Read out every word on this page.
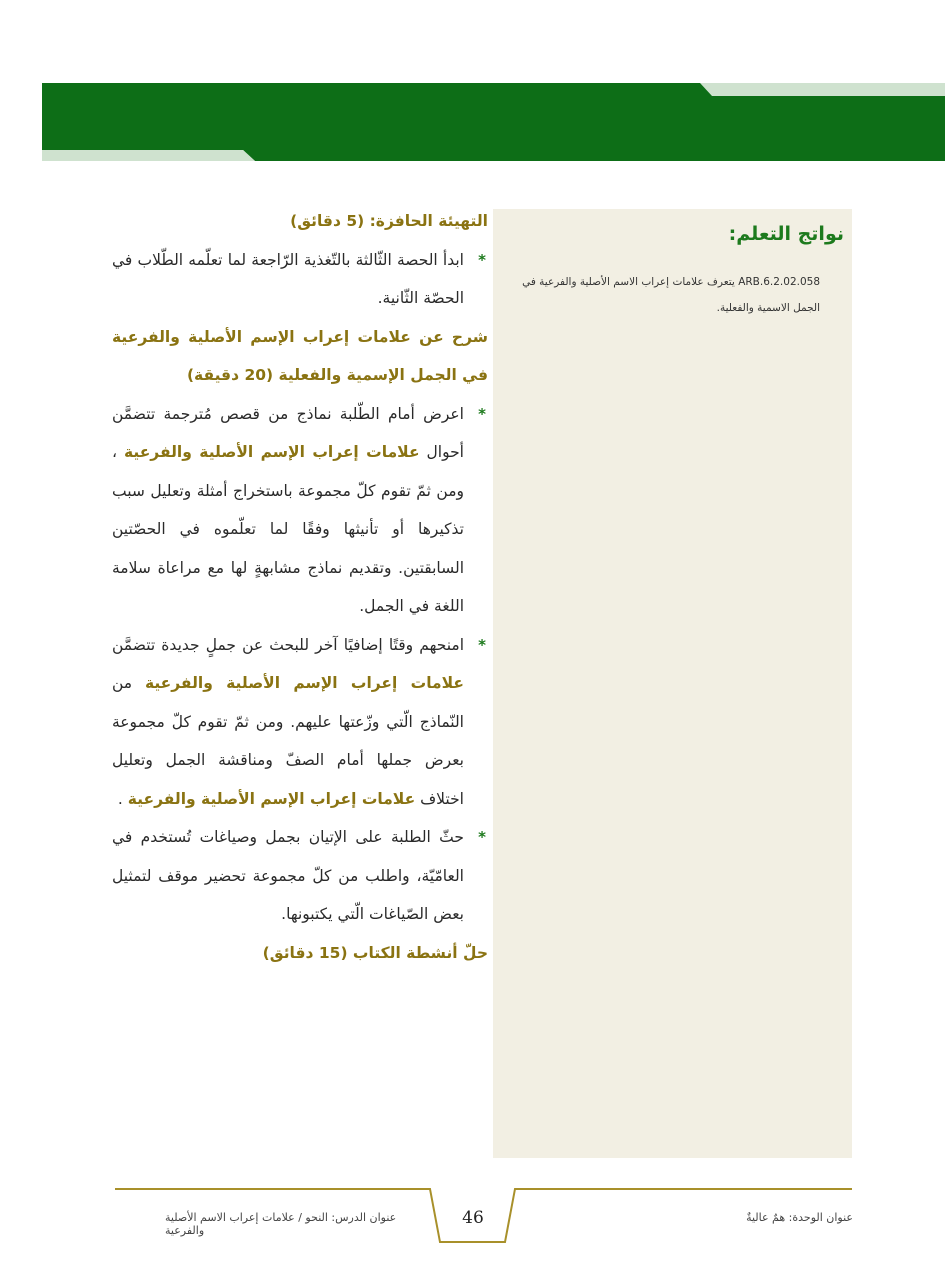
نواتج التعلم:
ARB.6.2.02.058 يتعرف علامات إعراب الاسم الأصلية والفرعية في الجمل الاسمية والفعلية.
التهيئة الحافزة: (5 دقائق)
*

ابدأ الحصة الثّالثة بالتّغذية الرّاجعة لما تعلّمه الطّلاب في الحصّة الثّانية.

شرح عن علامات إعراب الإسم الأصلية والفرعية في الجمل الإسمية والفعلية (20 دقيقة)
*

اعرض أمام الطّلبة نماذج من قصص مُترجمة تتضمَّن أحوال علامات إعراب الإسم الأصلية والفرعية ، ومن ثمّ تقوم كلّ مجموعة باستخراج أمثلة وتعليل سبب تذكيرها أو تأنيثها وفقًا لما تعلّموه في الحصّتين السابقتين. وتقديم نماذج مشابهةٍ لها مع مراعاة سلامة اللغة في الجمل.

*

امنحهم وقتًا إضافيًا آخر للبحث عن جملٍ جديدة تتضمَّن علامات إعراب الإسم الأصلية والفرعية من النّماذج الّتي وزّعتها عليهم. ومن ثمّ تقوم كلّ مجموعة بعرض جملها أمام الصفّ ومناقشة الجمل وتعليل اختلاف علامات إعراب الإسم الأصلية والفرعية .

*

حثّ الطلبة على الإتيان بجمل وصياغات تُستخدم في العامّيّة، واطلب من كلّ مجموعة تحضير موقف لتمثيل بعض الصّياغات الّتي يكتبونها.

حلّ أنشطة الكتاب (15 دقائق)
عنوان الوحدة: همٌ عاليةٌ
46
عنوان الدرس: النحو / علامات إعراب الاسم الأصلية والفرعية
